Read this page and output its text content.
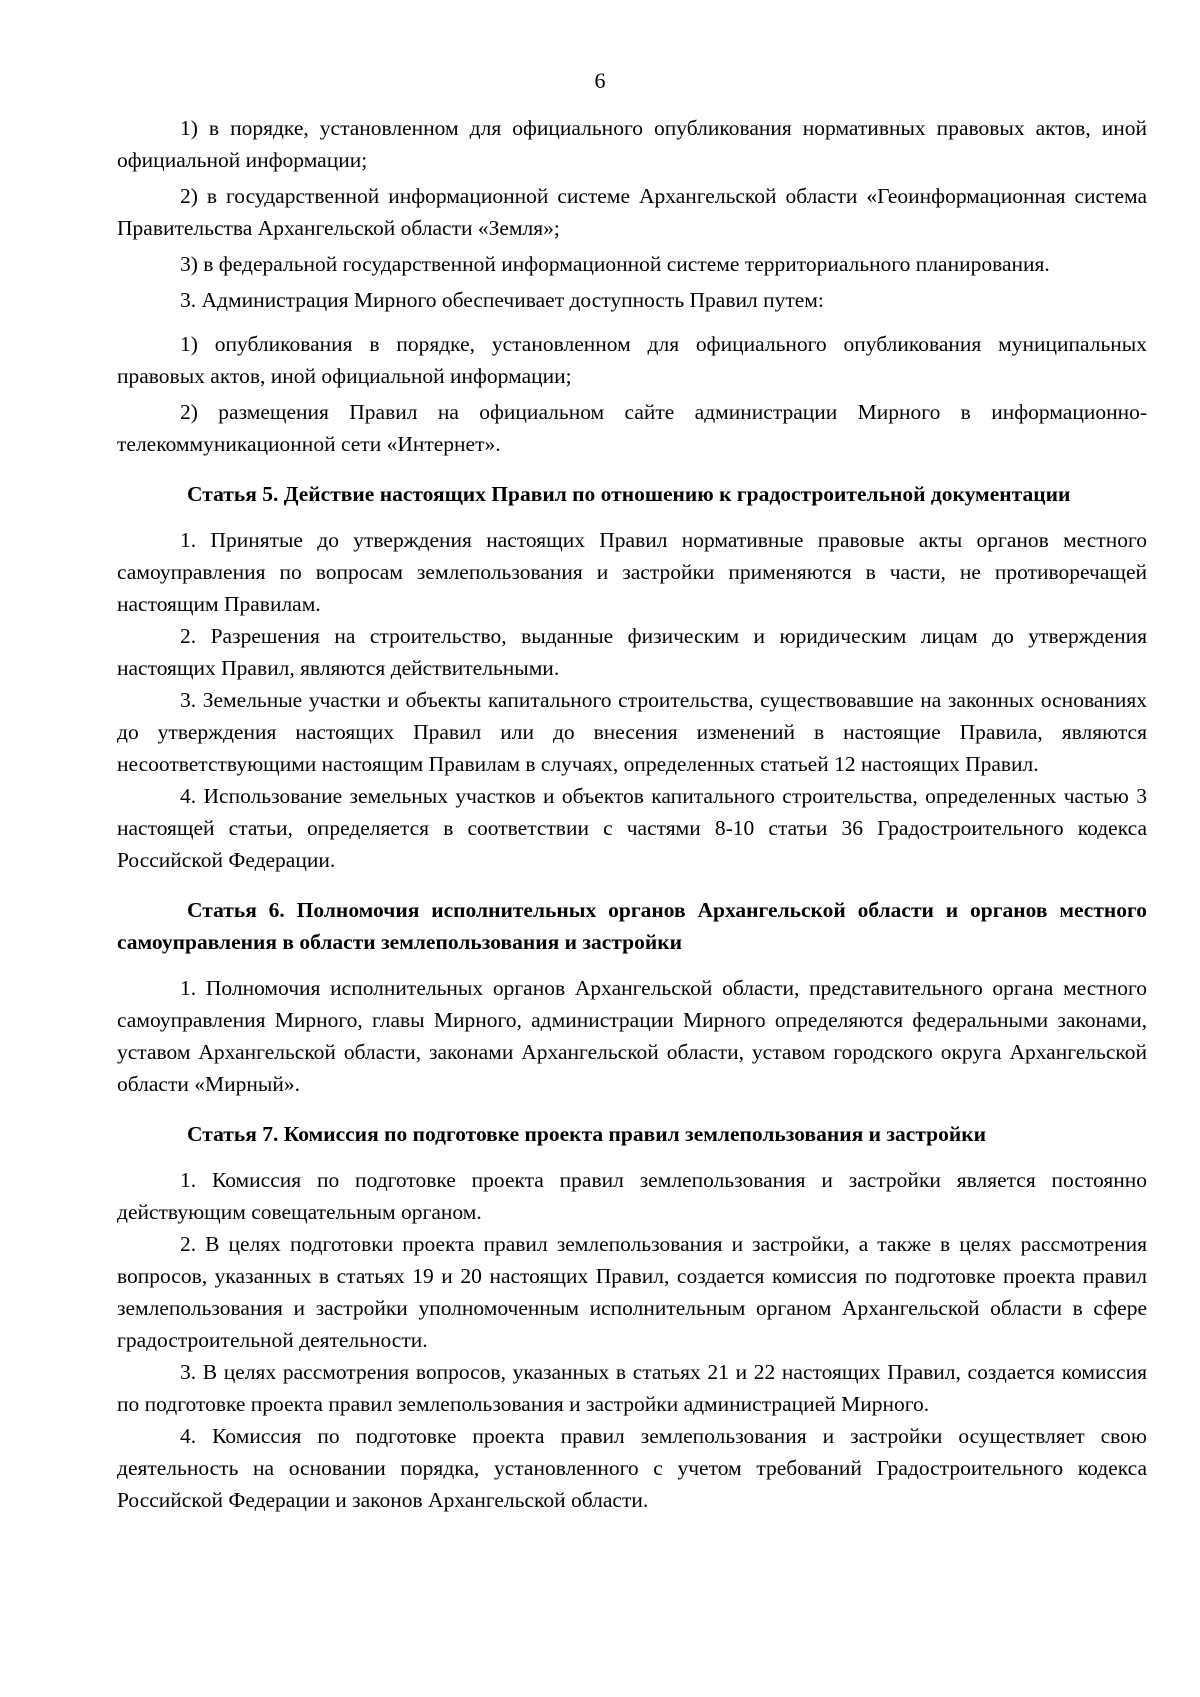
6

1) в порядке, установленном для официального опубликования нормативных правовых актов, иной официальной информации;

2) в государственной информационной системе Архангельской области «Геоинформационная система Правительства Архангельской области «Земля»;

3) в федеральной государственной информационной системе территориального планирования.

3. Администрация Мирного обеспечивает доступность Правил путем:

1) опубликования в порядке, установленном для официального опубликования муниципальных правовых актов, иной официальной информации;

2) размещения Правил на официальном сайте администрации Мирного в информационно-телекоммуникационной сети «Интернет».

Статья 5. Действие настоящих Правил по отношению к градостроительной документации

1. Принятые до утверждения настоящих Правил нормативные правовые акты органов местного самоуправления по вопросам землепользования и застройки применяются в части, не противоречащей настоящим Правилам.

2. Разрешения на строительство, выданные физическим и юридическим лицам до утверждения настоящих Правил, являются действительными.

3. Земельные участки и объекты капитального строительства, существовавшие на законных основаниях до утверждения настоящих Правил или до внесения изменений в настоящие Правила, являются несоответствующими настоящим Правилам в случаях, определенных статьей 12 настоящих Правил.

4. Использование земельных участков и объектов капитального строительства, определенных частью 3 настоящей статьи, определяется в соответствии с частями 8-10 статьи 36 Градостроительного кодекса Российской Федерации.

Статья 6. Полномочия исполнительных органов Архангельской области и органов местного самоуправления в области землепользования и застройки

1. Полномочия исполнительных органов Архангельской области, представительного органа местного самоуправления Мирного, главы Мирного, администрации Мирного определяются федеральными законами, уставом Архангельской области, законами Архангельской области, уставом городского округа Архангельской области «Мирный».

Статья 7. Комиссия по подготовке проекта правил землепользования и застройки

1. Комиссия по подготовке проекта правил землепользования и застройки является постоянно действующим совещательным органом.

2. В целях подготовки проекта правил землепользования и застройки, а также в целях рассмотрения вопросов, указанных в статьях 19 и 20 настоящих Правил, создается комиссия по подготовке проекта правил землепользования и застройки уполномоченным исполнительным органом Архангельской области в сфере градостроительной деятельности.

3. В целях рассмотрения вопросов, указанных в статьях 21 и 22 настоящих Правил, создается комиссия по подготовке проекта правил землепользования и застройки администрацией Мирного.

4. Комиссия по подготовке проекта правил землепользования и застройки осуществляет свою деятельность на основании порядка, установленного с учетом требований Градостроительного кодекса Российской Федерации и законов Архангельской области.
